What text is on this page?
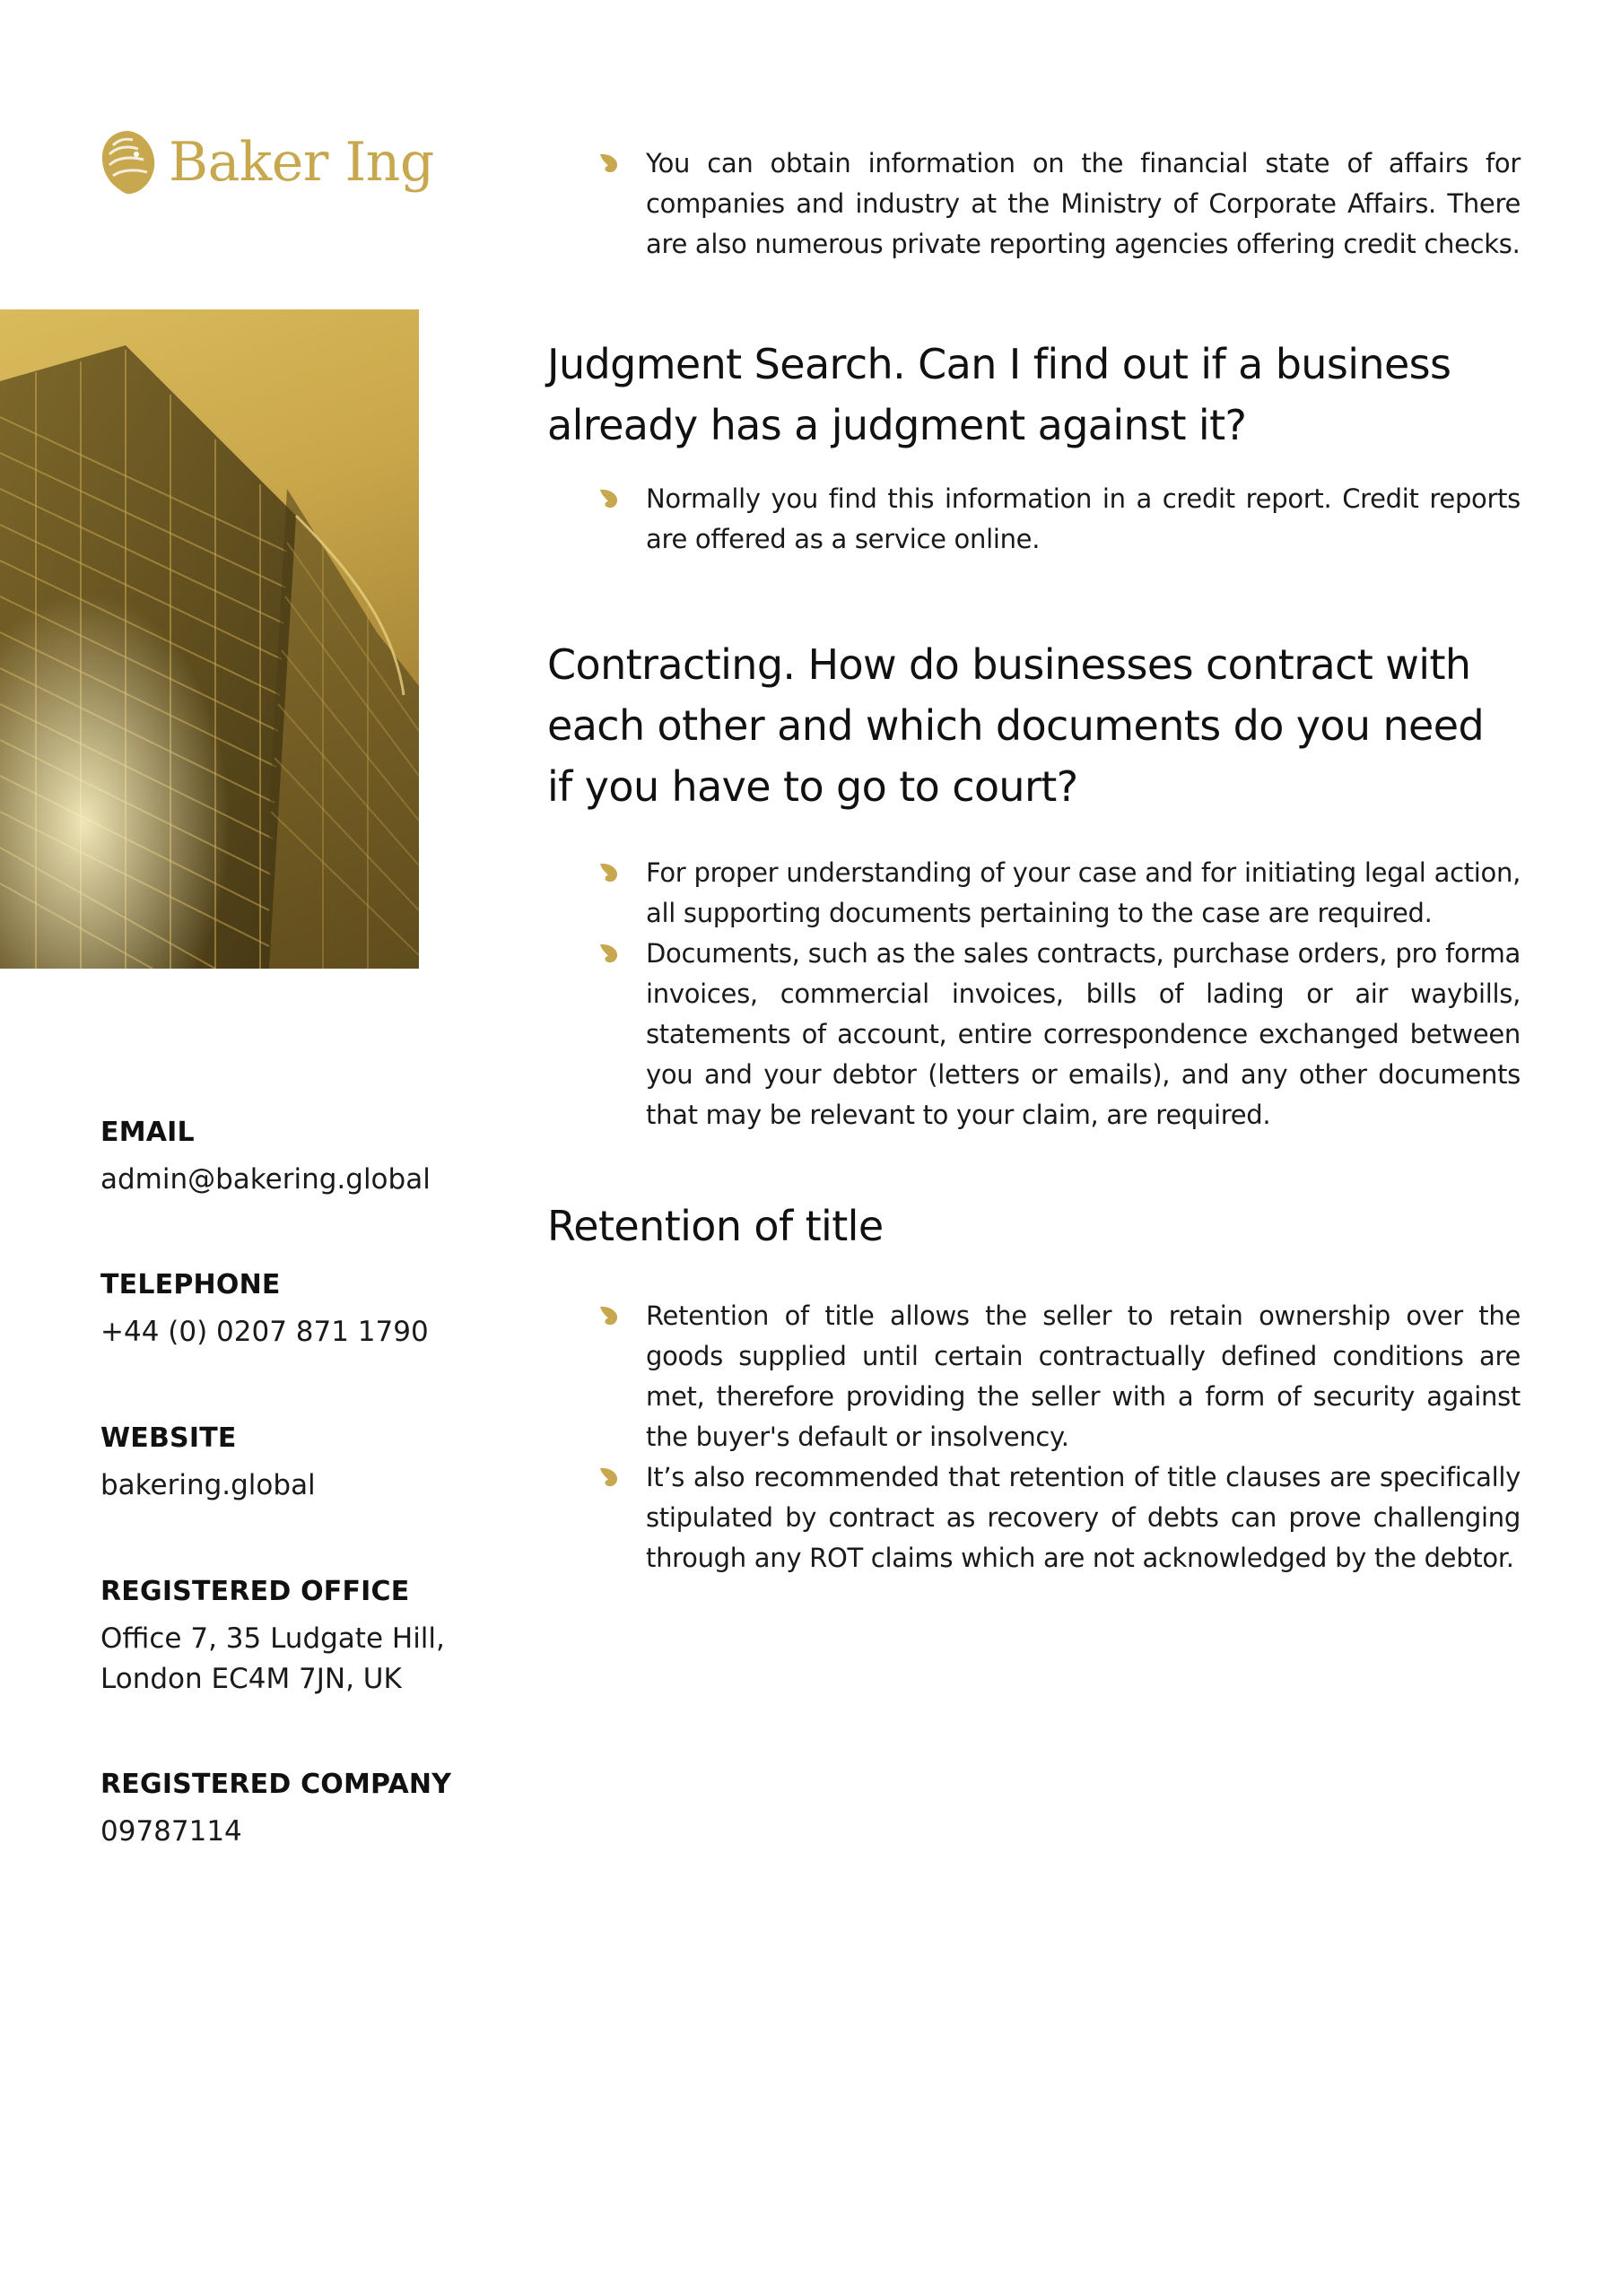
Baker Ing
EMAIL
admin@bakering.global
TELEPHONE
+44 (0) 0207 871 1790
WEBSITE
bakering.global
REGISTERED OFFICE
Office 7, 35 Ludgate Hill,
London EC4M 7JN, UK
REGISTERED COMPANY
09787114
You can obtain information on the financial state of affairs for companies and industry at the Ministry of Corporate Affairs. There are also numerous private reporting agencies offering credit checks.
Judgment Search. Can I find out if a business already has a judgment against it?
Normally you find this information in a credit report. Credit reports are offered as a service online.
Contracting. How do businesses contract with each other and which documents do you need if you have to go to court?
For proper understanding of your case and for initiating legal action, all supporting documents pertaining to the case are required.
Documents, such as the sales contracts, purchase orders, pro forma invoices, commercial invoices, bills of lading or air waybills, statements of account, entire correspondence exchanged between you and your debtor (letters or emails), and any other documents that may be relevant to your claim, are required.
Retention of title
Retention of title allows the seller to retain ownership over the goods supplied until certain contractually defined conditions are met, therefore providing the seller with a form of security against the buyer's default or insolvency.
It’s also recommended that retention of title clauses are specifically stipulated by contract as recovery of debts can prove challenging through any ROT claims which are not acknowledged by the debtor.
